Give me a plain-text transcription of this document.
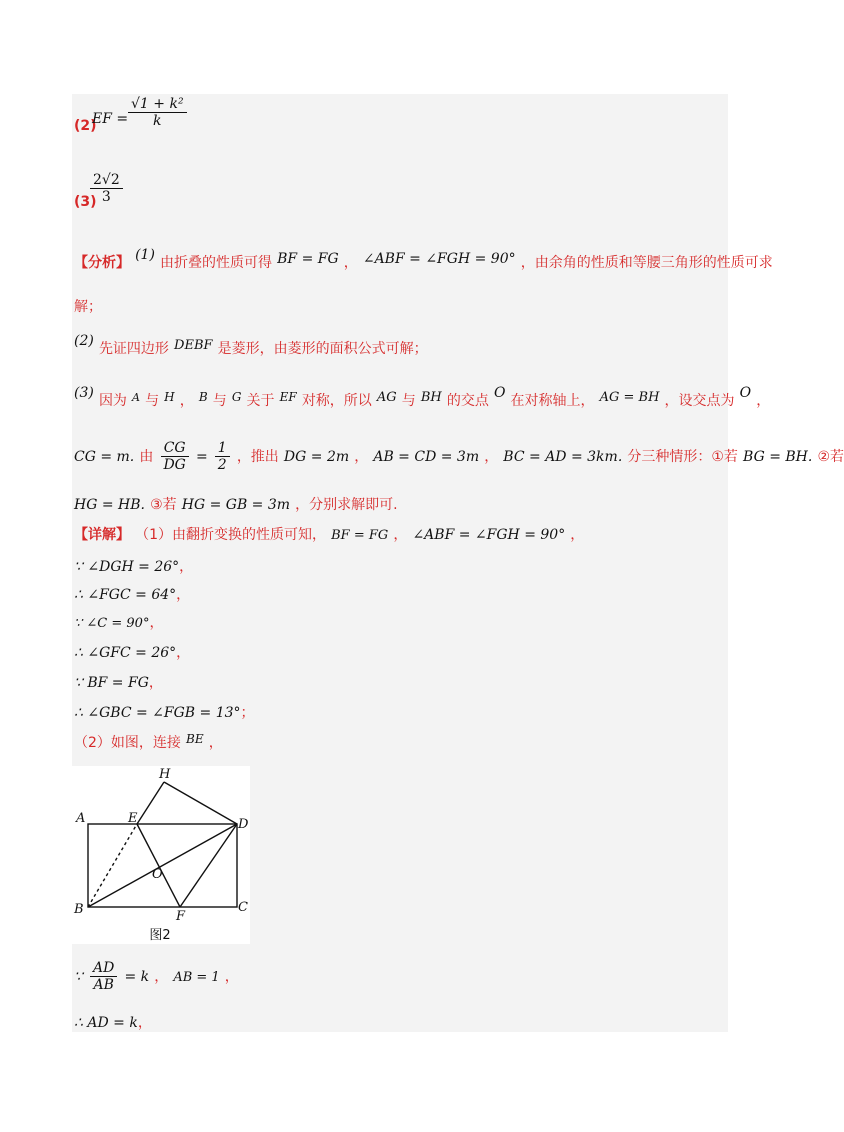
(2)
EF = $\frac{\text{√1 + k²}}{k}$
(3)
$\frac{2√2}{3}$
【分析】 (1) 由折叠的性质可得 BF = FG ， ∠ABF = ∠FGH = 90° ，由余角的性质和等腰三角形的性质可求
解；
(2) 先证四边形 $^{DEBF}$ 是菱形，由菱形的面积公式可解；
(3) 因为 $^A$ 与 $^H$ ， $^B$ 与 $^G$ 关于 $^{EF}$ 对称，所以 $^{AG}$ 与 $^{BH}$ 的交点 O 在对称轴上， $^{AG = BH}$ ，设交点为 O ，
CG = m. 由 $\frac{CG}{DG} = \frac{1}{2}$ ，推出 DG = 2m ， AB = CD = 3m ， BC = AD = 3km. 分三种情形：①若 BG = BH. ②若
HG = HB. ③若 HG = GB = 3m ，分别求解即可.
【详解】 （1）由翻折变换的性质可知， BF = FG ， ∠ABF = ∠FGH = 90° ，
∵ ∠DGH = 26°，
∴ ∠FGC = 64°，
∵ ∠C = 90°，
∴ ∠GFC = 26°，
∵ BF = FG，
∴ ∠GBC = ∠FGB = 13°；
（2）如图，连接 $^{BE}$ ，
A	E
H
D
O
B	F
C
图2
∵ $\frac{AD}{AB} = k$ ， AB = 1 ，
∴ AD = k，
